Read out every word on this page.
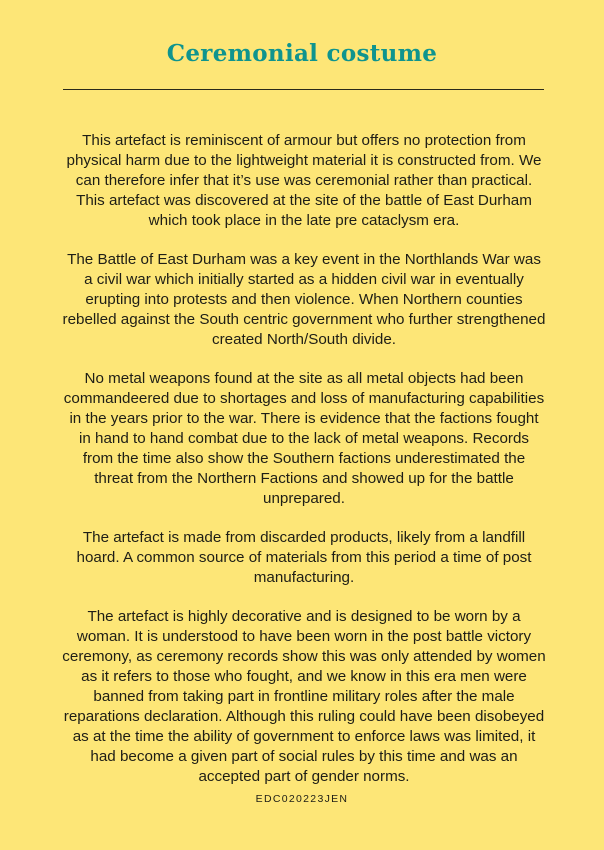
Ceremonial costume

This artefact is reminiscent of armour but offers no protection from physical harm due to the lightweight material it is constructed from. We can therefore infer that it’s use was ceremonial rather than practical. This artefact was discovered at the site of the battle of East Durham which took place in the late pre cataclysm era.

The Battle of East Durham was a key event in the Northlands War was a civil war which initially started as a hidden civil war in eventually erupting into protests and then violence. When Northern counties rebelled against the South centric government who further strengthened created North/South divide.

No metal weapons found at the site as all metal objects had been commandeered due to shortages and loss of manufacturing capabilities in the years prior to the war. There is evidence that the factions fought in hand to hand combat due to the lack of metal weapons. Records from the time also show the Southern factions underestimated the threat from the Northern Factions and showed up for the battle unprepared.

The artefact is made from discarded products, likely from a landfill hoard. A common source of materials from this period a time of post manufacturing.

The artefact is highly decorative and is designed to be worn by a woman. It is understood to have been worn in the post battle victory ceremony, as ceremony records show this was only attended by women as it refers to those who fought, and we know in this era men were banned from taking part in frontline military roles after the male reparations declaration. Although this ruling could have been disobeyed as at the time the ability of government to enforce laws was limited, it had become a given part of social rules by this time and was an accepted part of gender norms.

EDC020223JEN
